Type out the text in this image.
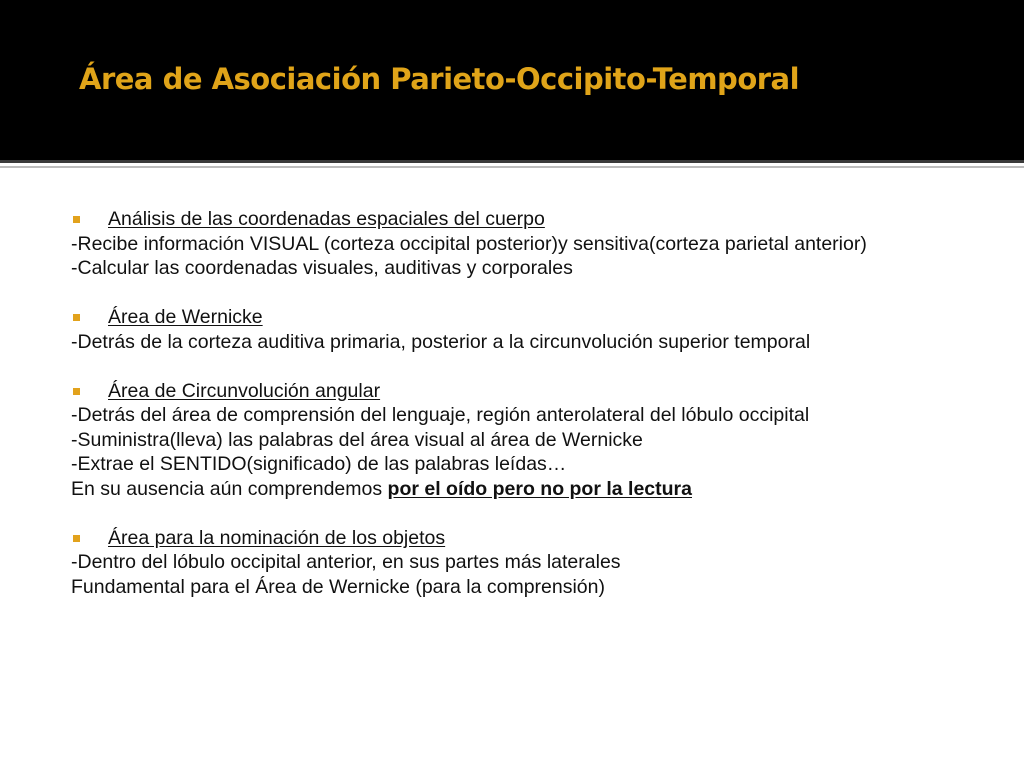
Área de Asociación Parieto-Occipito-Temporal
Análisis de las coordenadas espaciales del cuerpo
-Recibe información VISUAL (corteza occipital posterior)y sensitiva(corteza parietal anterior)
-Calcular las coordenadas visuales, auditivas y corporales
Área de Wernicke
-Detrás de la corteza auditiva primaria, posterior a la circunvolución superior temporal
Área de Circunvolución angular
-Detrás del área de comprensión del lenguaje, región anterolateral del lóbulo occipital
-Suministra(lleva) las palabras del área visual al área de Wernicke
-Extrae el SENTIDO(significado) de las palabras leídas…
En su ausencia aún comprendemos por el oído pero no por la lectura
Área para la nominación de los objetos
-Dentro del lóbulo occipital anterior, en sus partes más laterales
Fundamental para el Área de Wernicke (para la comprensión)
